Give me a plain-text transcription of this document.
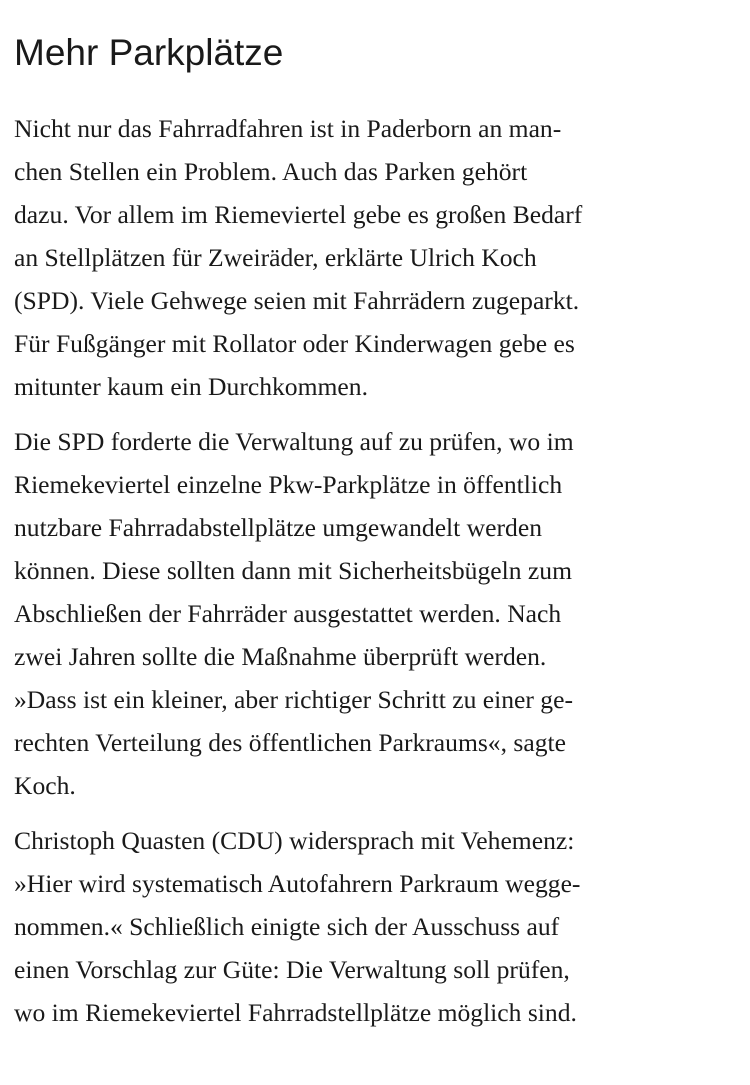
Mehr Parkplätze

Nicht nur das Fahrradfahren ist in Paderborn an man-
chen Stellen ein Problem. Auch das Parken gehört
dazu. Vor allem im Riemeviertel gebe es großen Bedarf
an Stellplätzen für Zweiräder, erklärte Ulrich Koch
(SPD). Viele Gehwege seien mit Fahrrädern zugeparkt.
Für Fußgänger mit Rollator oder Kinderwagen gebe es
mitunter kaum ein Durchkommen.

Die SPD forderte die Verwaltung auf zu prüfen, wo im
Riemekeviertel einzelne Pkw-Parkplätze in öffentlich
nutzbare Fahrradabstellplätze umgewandelt werden
können. Diese sollten dann mit Sicherheitsbügeln zum
Abschließen der Fahrräder ausgestattet werden. Nach
zwei Jahren sollte die Maßnahme überprüft werden.
»Dass ist ein kleiner, aber richtiger Schritt zu einer ge-
rechten Verteilung des öffentlichen Parkraums«, sagte
Koch.

Christoph Quasten (CDU) widersprach mit Vehemenz:
»Hier wird systematisch Autofahrern Parkraum wegge-
nommen.« Schließlich einigte sich der Ausschuss auf
einen Vorschlag zur Güte: Die Verwaltung soll prüfen,
wo im Riemekeviertel Fahrradstellplätze möglich sind.
